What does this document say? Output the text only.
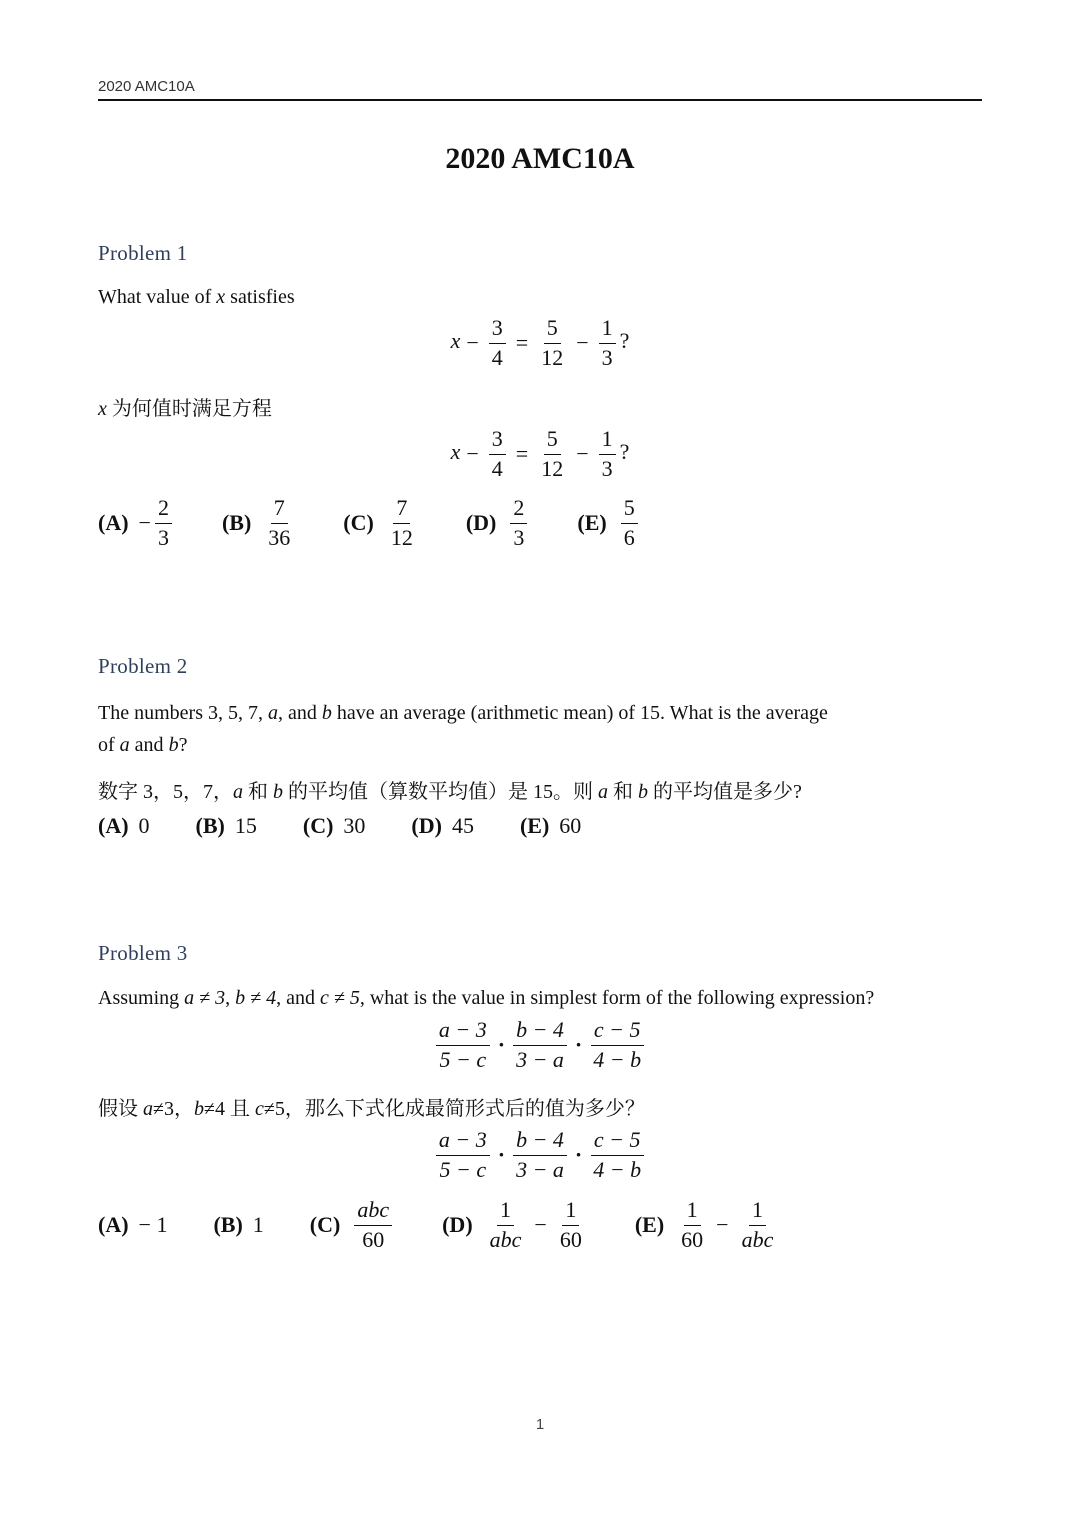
2020 AMC10A
2020 AMC10A
Problem 1
What value of x satisfies
$x - \frac{3}{4} = \frac{5}{12} - \frac{1}{3}$ ?
x 为何值时满足方程
$x - \frac{3}{4} = \frac{5}{12} - \frac{1}{3}$ ?
$(A) - \frac{2}{3} (B) \frac{7}{36} (C) \frac{7}{12} (D) \frac{2}{3} (E) \frac{5}{6}$
Problem 2
The numbers 3, 5, 7, a, and b have an average (arithmetic mean) of 15. What is the average
of a and b?
数字 3，5，7，a 和 b 的平均值（算数平均值）是 15。则 a 和 b 的平均值是多少?
(A) 0 (B) 15 (C) 30 (D) 45 (E) 60
Problem 3
Assuming a ≠ 3, b ≠ 4, and c ≠ 5, what is the value in simplest form of the following expression?
$\frac{a - 3}{5 - c} \cdot \frac{b - 4}{3 - a} \cdot \frac{c - 5}{4 - b}$
假设 a≠3，b≠4 且 c≠5，那么下式化成最简形式后的值为多少？
$\frac{a - 3}{5 - c} \cdot \frac{b - 4}{3 - a} \cdot \frac{c - 5}{4 - b}$
(A) − 1 (B) 1 $(C) \frac{\text{abc}}{60} (D) \frac{1}{\text{abc}} - \frac{1}{60} (E) \frac{1}{60} - \frac{1}{\text{abc}}$
1
